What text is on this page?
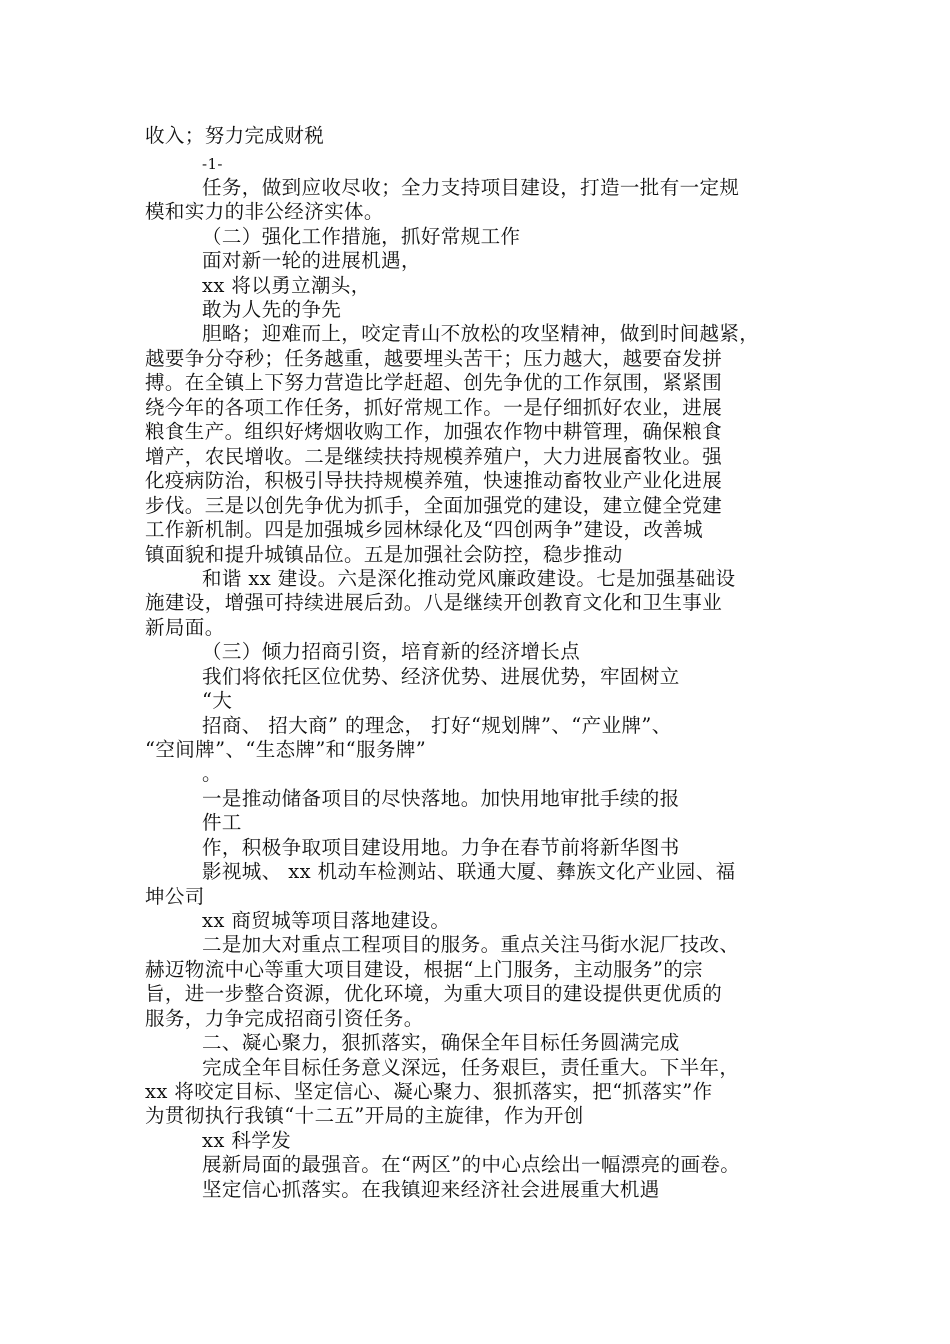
收入；努力完成财税
-1-
任务，做到应收尽收；全力支持项目建设，打造一批有一定规
模和实力的非公经济实体。
（二）强化工作措施，抓好常规工作
面对新一轮的进展机遇，
xx 将以勇立潮头，
敢为人先的争先
胆略；迎难而上，咬定青山不放松的攻坚精神，做到时间越紧，
越要争分夺秒；任务越重，越要埋头苦干；压力越大，越要奋发拼
搏。在全镇上下努力营造比学赶超、创先争优的工作氛围，紧紧围
绕今年的各项工作任务，抓好常规工作。一是仔细抓好农业，进展
粮食生产。组织好烤烟收购工作，加强农作物中耕管理，确保粮食
增产，农民增收。二是继续扶持规模养殖户，大力进展畜牧业。强
化疫病防治，积极引导扶持规模养殖，快速推动畜牧业产业化进展
步伐。三是以创先争优为抓手，全面加强党的建设，建立健全党建
工作新机制。四是加强城乡园林绿化及“四创两争”建设，改善城
镇面貌和提升城镇品位。五是加强社会防控，稳步推动
和谐 xx 建设。六是深化推动党风廉政建设。七是加强基础设
施建设，增强可持续进展后劲。八是继续开创教育文化和卫生事业
新局面。
（三）倾力招商引资，培育新的经济增长点
我们将依托区位优势、经济优势、进展优势，牢固树立
“大
招商、 招大商” 的理念， 打好“规划牌”、“产业牌”、
“空间牌”、“生态牌”和“服务牌”
。
一是推动储备项目的尽快落地。加快用地审批手续的报
件工
作，积极争取项目建设用地。力争在春节前将新华图书
影视城、 xx 机动车检测站、联通大厦、彝族文化产业园、福
坤公司
xx 商贸城等项目落地建设。
二是加大对重点工程项目的服务。重点关注马街水泥厂技改、
赫迈物流中心等重大项目建设，根据“上门服务，主动服务”的宗
旨，进一步整合资源，优化环境，为重大项目的建设提供更优质的
服务，力争完成招商引资任务。
二、凝心聚力，狠抓落实，确保全年目标任务圆满完成
完成全年目标任务意义深远，任务艰巨，责任重大。下半年，
xx 将咬定目标、坚定信心、凝心聚力、狠抓落实，把“抓落实”作
为贯彻执行我镇“十二五”开局的主旋律，作为开创
xx 科学发
展新局面的最强音。在“两区”的中心点绘出一幅漂亮的画卷。
坚定信心抓落实。在我镇迎来经济社会进展重大机遇
